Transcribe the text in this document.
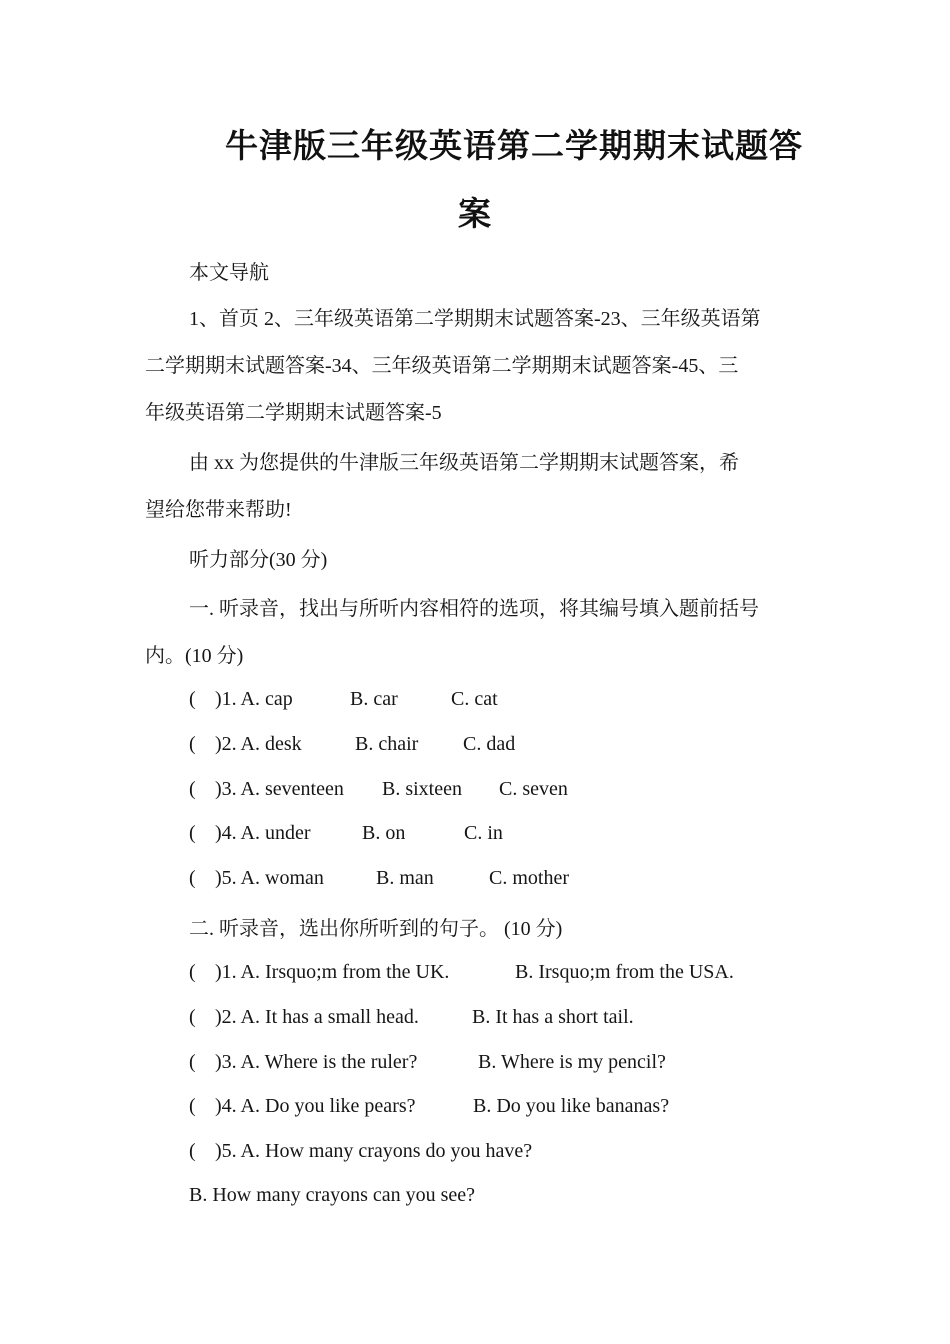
牛津版三年级英语第二学期期末试题答
案
本文导航
1、首页 2、三年级英语第二学期期末试题答案-23、三年级英语第
二学期期末试题答案-34、三年级英语第二学期期末试题答案-45、三
年级英语第二学期期末试题答案-5
由 xx 为您提供的牛津版三年级英语第二学期期末试题答案，希
望给您带来帮助!
听力部分(30 分)
一. 听录音，找出与所听内容相符的选项，将其编号填入题前括号
内。(10 分)
( )1. A. cap	B. car	C. cat
( )2. A. desk	B. chair C. dad
( )3. A. seventeen B. sixteen C. seven
( )4. A. under	B. on	C. in
( )5. A. woman	B. man	C. mother
二. 听录音，选出你所听到的句子。 (10 分)
( )1. A. Irsquo;m from the UK.	B. Irsquo;m from the USA.
( )2. A. It has a small head.	B. It has a short tail.
( )3. A. Where is the ruler?	B. Where is my pencil?
( )4. A. Do you like pears?	B. Do you like bananas?
( )5. A. How many crayons do you have?
B. How many crayons can you see?
